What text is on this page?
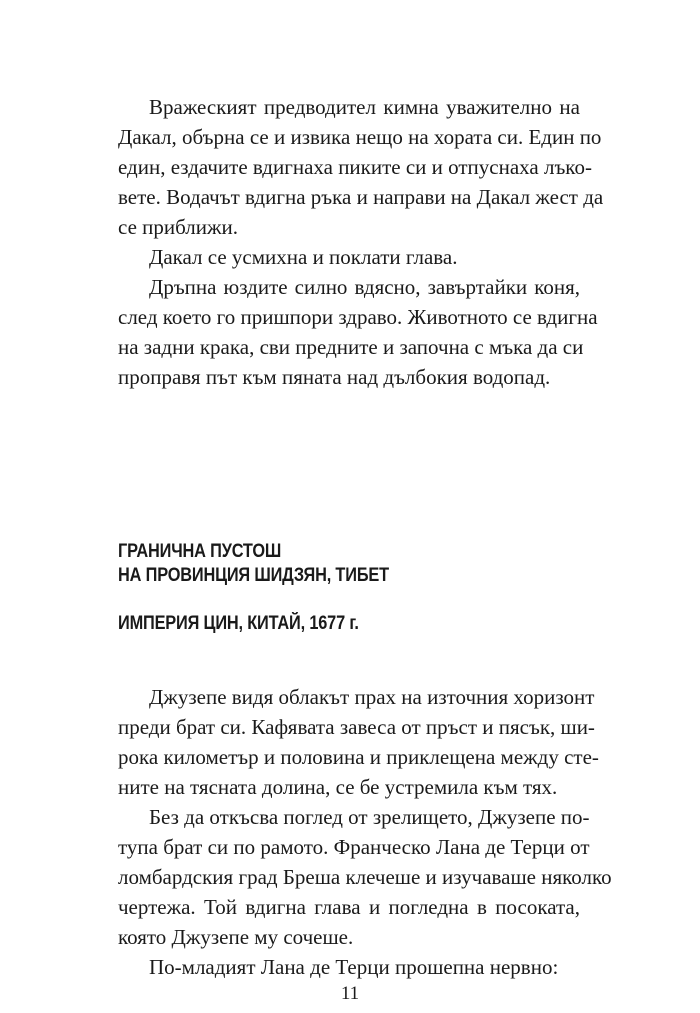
Вражеският предводител кимна уважително на
Дакал, обърна се и извика нещо на хората си. Един по
един, ездачите вдигнаха пиките си и отпуснаха лъко-
вете. Водачът вдигна ръка и направи на Дакал жест да
се приближи.
Дакал се усмихна и поклати глава.
Дръпна юздите силно вдясно, завъртайки коня,
след което го пришпори здраво. Животното се вдигна
на задни крака, сви предните и започна с мъка да си
проправя път към пяната над дълбокия водопад.
ГРАНИЧНА ПУСТОШ
НА ПРОВИНЦИЯ ШИДЗЯН, ТИБЕТ
ИМПЕРИЯ ЦИН, КИТАЙ, 1677 г.
Джузепе видя облакът прах на източния хоризонт
преди брат си. Кафявата завеса от пръст и пясък, ши-
рока километър и половина и приклещена между сте-
ните на тясната долина, се бе устремила към тях.
Без да откъсва поглед от зрелището, Джузепе по-
тупа брат си по рамото. Франческо Лана де Терци от
ломбардския град Бреша клечеше и изучаваше няколко
чертежа. Той вдигна глава и погледна в посоката,
която Джузепе му сочеше.
По-младият Лана де Терци прошепна нервно:
11
